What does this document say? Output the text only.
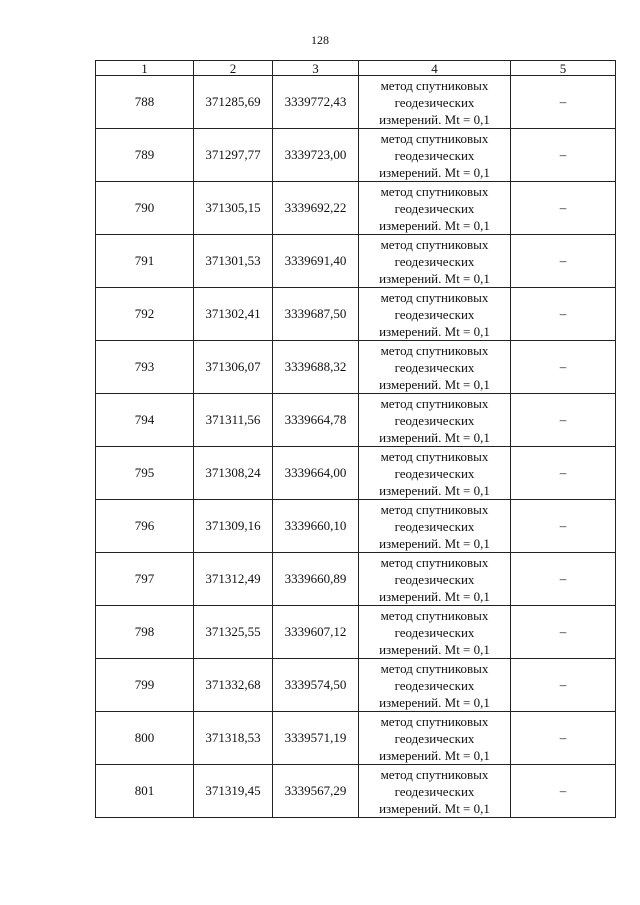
128
1	2	3	4	5
788	371285,69	3339772,43	метод спутниковых
геодезических
измерений. Mt = 0,1	–
789	371297,77	3339723,00	метод спутниковых
геодезических
измерений. Mt = 0,1	–
790	371305,15	3339692,22	метод спутниковых
геодезических
измерений. Mt = 0,1	–
791	371301,53	3339691,40	метод спутниковых
геодезических
измерений. Mt = 0,1	–
792	371302,41	3339687,50	метод спутниковых
геодезических
измерений. Mt = 0,1	–
793	371306,07	3339688,32	метод спутниковых
геодезических
измерений. Mt = 0,1	–
794	371311,56	3339664,78	метод спутниковых
геодезических
измерений. Mt = 0,1	–
795	371308,24	3339664,00	метод спутниковых
геодезических
измерений. Mt = 0,1	–
796	371309,16	3339660,10	метод спутниковых
геодезических
измерений. Mt = 0,1	–
797	371312,49	3339660,89	метод спутниковых
геодезических
измерений. Mt = 0,1	–
798	371325,55	3339607,12	метод спутниковых
геодезических
измерений. Mt = 0,1	–
799	371332,68	3339574,50	метод спутниковых
геодезических
измерений. Mt = 0,1	–
800	371318,53	3339571,19	метод спутниковых
геодезических
измерений. Mt = 0,1	–
801	371319,45	3339567,29	метод спутниковых
геодезических
измерений. Mt = 0,1	–
